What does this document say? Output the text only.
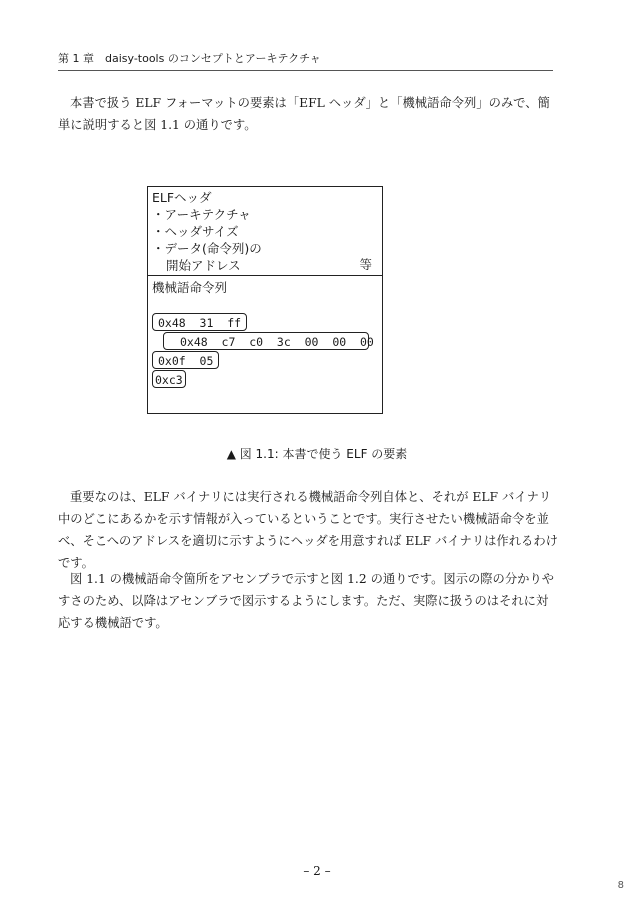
第 1 章　daisy-tools のコンセプトとアーキテクチャ

本書で扱う ELF フォーマットの要素は「EFL ヘッダ」と「機械語命令列」のみで、簡単に説明すると図 1.1 の通りです。

ELFヘッダ
・アーキテクチャ
・ヘッダサイズ
・データ(命令列)の
開始アドレス	等
機械語命令列
0x48  31  ff
0x48  c7  c0  3c  00  00  00
0x0f  05
0xc3
▲ 図 1.1: 本書で使う ELF の要素

重要なのは、ELF バイナリには実行される機械語命令列自体と、それが ELF バイナリ中のどこにあるかを示す情報が入っているということです。実行させたい機械語命令を並べ、そこへのアドレスを適切に示すようにヘッダを用意すれば ELF バイナリは作れるわけです。

図 1.1 の機械語命令箇所をアセンブラで示すと図 1.2 の通りです。図示の際の分かりやすさのため、以降はアセンブラで図示するようにします。ただ、実際に扱うのはそれに対応する機械語です。

– 2 –
8
